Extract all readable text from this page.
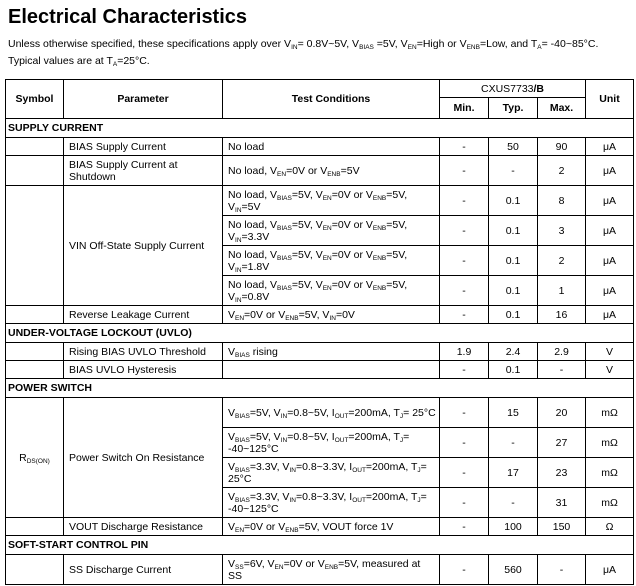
Electrical Characteristics
Unless otherwise specified, these specifications apply over $V_{IN}=$ 0.8V~5V, $V_{BIAS} =5V$, $V_{EN}=High$ or $V_{ENB}=Low$, and $T_A=$ -40~85°C.
Typical values are at $T_A=25^\circ C$.
Symbol	Parameter	Test Conditions	CXUS7733/B			Unit
			Min.	Typ.	Max.	
SUPPLY CURRENT						
	BIAS Supply Current	No load	-	50	90	μA
	BIAS Supply Current at Shutdown	No load, $V_{EN}=0V$ or $V_{ENB}=5V$	-	-	2	μA
	VIN Off-State Supply Current	No load, $V_{BIAS}=5V$, $V_{EN}=0V$ or $V_{ENB}=5V$, $V_{IN}=5V$	-	0.1	8	μA
		No load, $V_{BIAS}=5V$, $V_{EN}=0V$ or $V_{ENB}=5V$, $V_{IN}=3.3V$	-	0.1	3	μA
		No load, $V_{BIAS}=5V$, $V_{EN}=0V$ or $V_{ENB}=5V$, $V_{IN}=1.8V$	-	0.1	2	μA
		No load, $V_{BIAS}=5V$, $V_{EN}=0V$ or $V_{ENB}=5V$, $V_{IN}=0.8V$	-	0.1	1	μA
	Reverse Leakage Current	$V_{EN}=0V$ or $V_{ENB}=5V$, $V_{IN}=0V$	-	0.1	16	μA
UNDER-VOLTAGE LOCKOUT (UVLO)						
	Rising BIAS UVLO Threshold	$V_{BIAS}$ rising	1.9	2.4	2.9	V
	BIAS UVLO Hysteresis		-	0.1	-	V
POWER SWITCH						
$R_{DS(ON)}$	Power Switch On Resistance	$V_{BIAS}=5V$, $V_{IN}=0.8\sim 5V$, $I_{OUT}=200mA$, $T_J= 25^\circ C$	-	15	20	mΩ
		$V_{BIAS}=5V$, $V_{IN}=0.8\sim 5V$, $I_{OUT}=200mA$, $T_J=$ -40~125°C	-	-	27	mΩ
		$V_{BIAS}=3.3V$, $V_{IN}=0.8\sim 3.3V$, $I_{OUT}=200mA$, $T_J= 25^\circ C$	-	17	23	mΩ
		$V_{BIAS}=3.3V$, $V_{IN}=0.8\sim 3.3V$, $I_{OUT}=200mA$, $T_J=$ -40~125°C	-	-	31	mΩ
	VOUT Discharge Resistance	$V_{EN}=0V$ or $V_{ENB}=5V$, VOUT force 1V	-	100	150	Ω
SOFT-START CONTROL PIN						
	SS Discharge Current	$V_{SS}=6V$, $V_{EN}=0V$ or $V_{ENB}=5V$, measured at SS	-	560	-	μA
